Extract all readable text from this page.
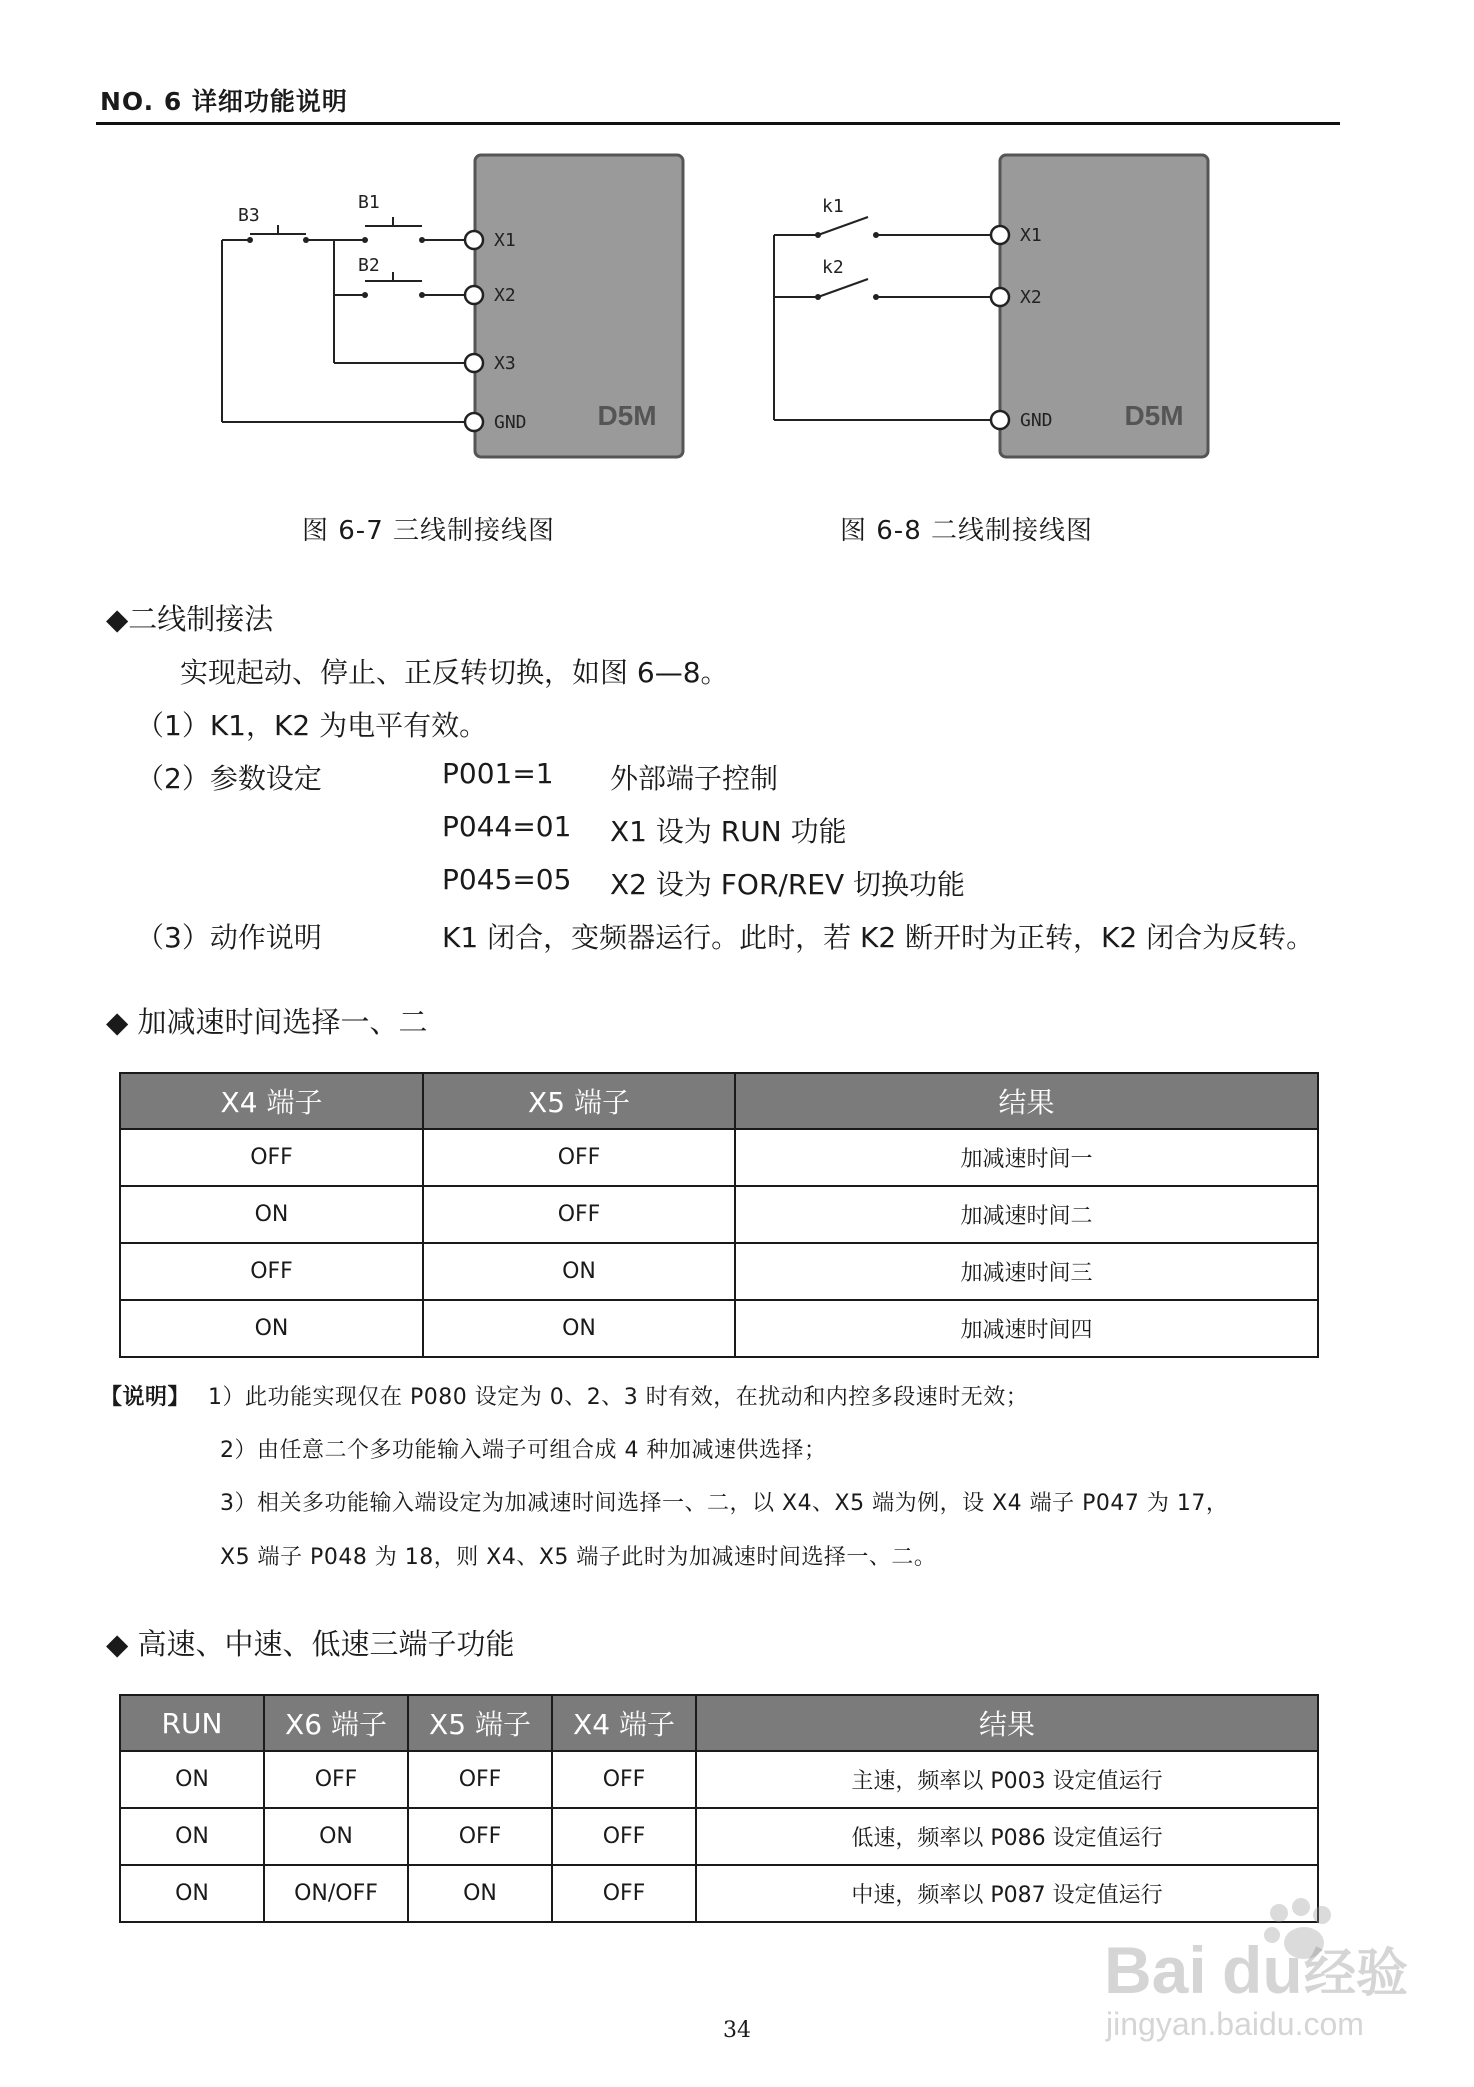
NO. 6 详细功能说明
D5M
X1
X2
X3
GND
B3
B1
B2
D5M
X1
X2
GND
k1
k2
图 6-7 三线制接线图	图 6-8 二线制接线图
◆二线制接法
实现起动、停止、正反转切换，如图 6—8。
（1）K1，K2 为电平有效。
（2）参数设定	P001=1 外部端子控制
P044=01 X1 设为 RUN 功能
P045=05 X2 设为 FOR/REV 切换功能
（3）动作说明	K1 闭合，变频器运行。此时，若 K2 断开时为正转，K2 闭合为反转。
◆ 加减速时间选择一、二
X4 端子	X5 端子	结果
OFF	OFF	加减速时间一
ON	OFF	加减速时间二
OFF	ON	加减速时间三
ON	ON	加减速时间四
【说明】 1）此功能实现仅在 P080 设定为 0、2、3 时有效，在扰动和内控多段速时无效；
2）由任意二个多功能输入端子可组合成 4 种加减速供选择；
3）相关多功能输入端设定为加减速时间选择一、二，以 X4、X5 端为例，设 X4 端子 P047 为 17，
X5 端子 P048 为 18，则 X4、X5 端子此时为加减速时间选择一、二。
◆ 高速、中速、低速三端子功能
RUN	X6 端子	X5 端子	X4 端子	结果
ON	OFF	OFF	OFF	主速，频率以 P003 设定值运行
ON	ON	OFF	OFF	低速，频率以 P086 设定值运行
ON	ON/OFF	ON	OFF	中速，频率以 P087 设定值运行
Bai du 经验
jingyan.baidu.com
34
